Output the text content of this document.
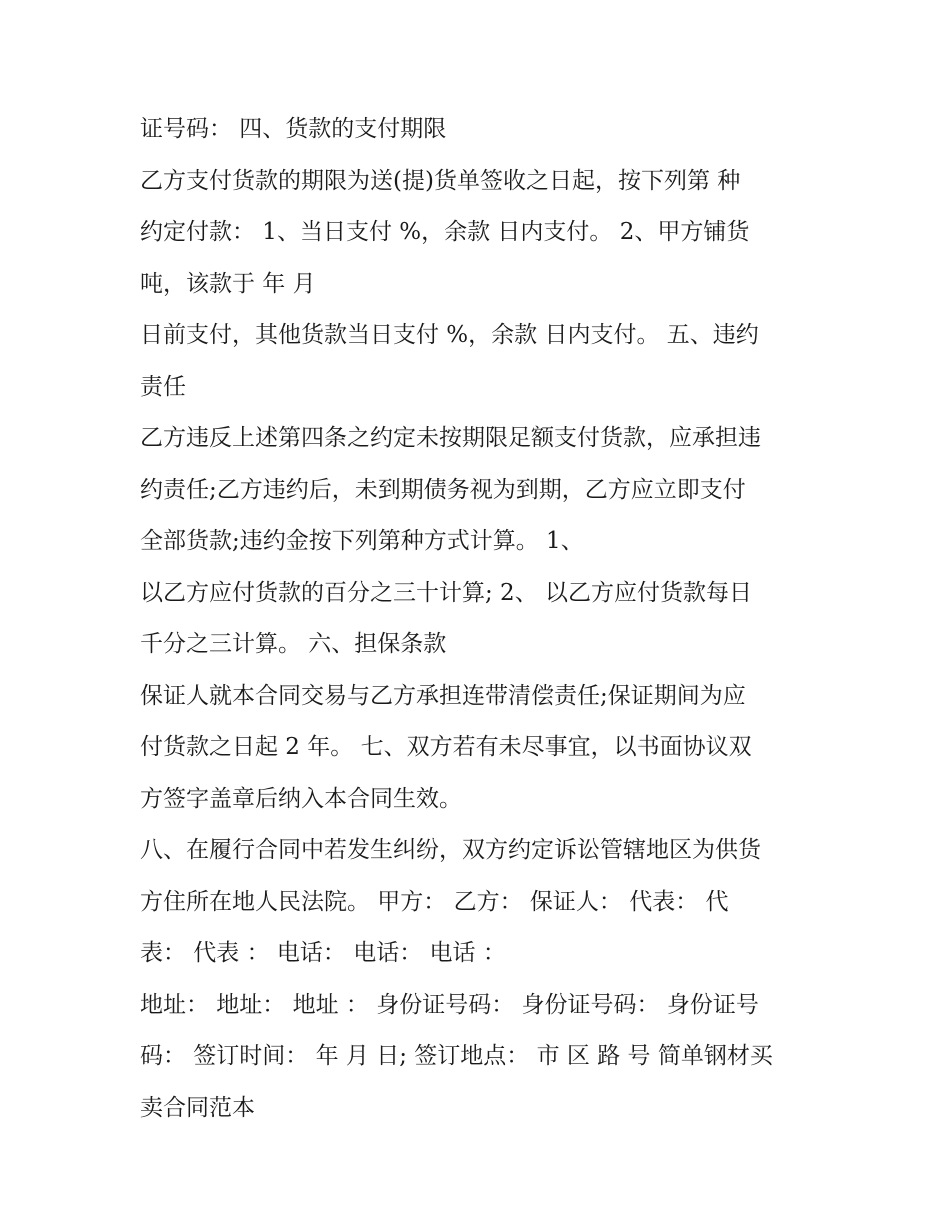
证号码： 四、货款的支付期限
乙方支付货款的期限为送(提)货单签收之日起，按下列第 种
约定付款： 1、当日支付 %，余款 日内支付。 2、甲方铺货
吨，该款于 年 月
日前支付，其他货款当日支付 %，余款 日内支付。 五、违约
责任
乙方违反上述第四条之约定未按期限足额支付货款，应承担违
约责任;乙方违约后，未到期债务视为到期，乙方应立即支付
全部货款;违约金按下列第种方式计算。 1、
以乙方应付货款的百分之三十计算; 2、 以乙方应付货款每日
千分之三计算。 六、担保条款
保证人就本合同交易与乙方承担连带清偿责任;保证期间为应
付货款之日起 2 年。 七、双方若有未尽事宜，以书面协议双
方签字盖章后纳入本合同生效。
八、在履行合同中若发生纠纷，双方约定诉讼管辖地区为供货
方住所在地人民法院。 甲方： 乙方： 保证人： 代表： 代
表： 代表 ： 电话： 电话： 电话 ：
地址： 地址： 地址 ： 身份证号码： 身份证号码： 身份证号
码： 签订时间： 年 月 日; 签订地点： 市 区 路 号 简单钢材买
卖合同范本
